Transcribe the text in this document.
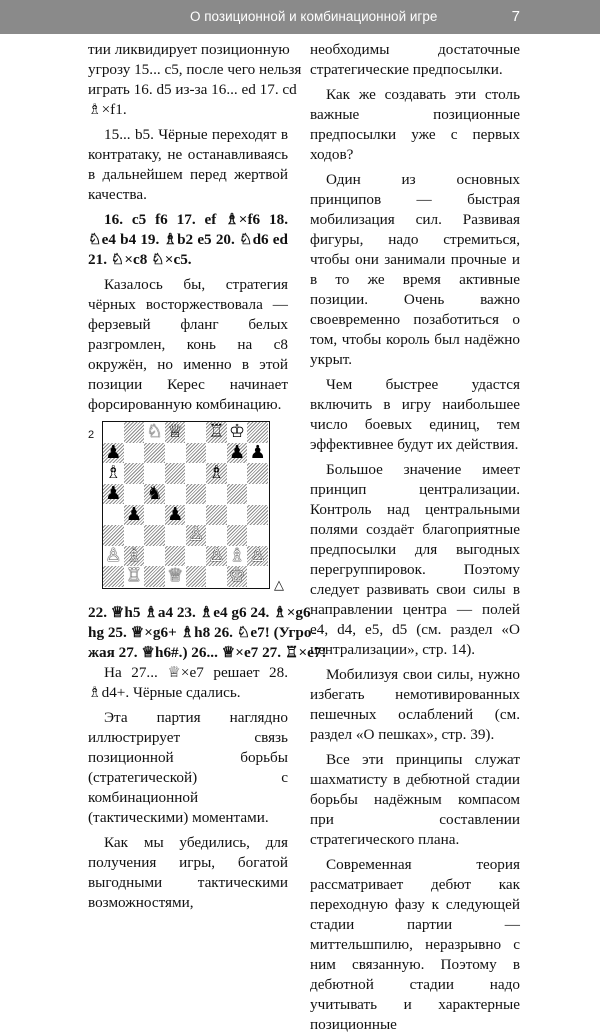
О позиционной и комбинационной игре	7

тии ликвидирует позиционную
угрозу 15... c5, после чего нельзя
играть 16. d5 из-за 16... ed 17. cd
♗×f1.

15... b5. Чёрные переходят в контратаку, не останавливаясь в дальнейшем перед жертвой качества.

16. c5 f6 17. ef ♗×f6 18. ♘e4 b4 19. ♗b2 e5 20. ♘d6 ed 21. ♘×c8 ♘×c5.

Казалось бы, стратегия чёрных восторжествовала — ферзевый фланг белых разгромлен, конь на c8 окружён, но именно в этой позиции Керес начинает форсированную комбинацию.

2	♘ ♕ ♖ ♔
♟	♟ ♟
♗	♗
♟ ♞
♟ ♟
♙
♙ ♗	♙ ♗ ♙
♖ ♕	♔ △

22. ♕h5 ♗a4 23. ♗e4 g6 24. ♗×g6
hg 25. ♕×g6+ ♗h8 26. ♘e7! (Угро-
жая 27. ♕h6#.) 26... ♕×e7 27. ♖×e7!

На 27... ♕×e7 решает 28. ♗d4+. Чёрные сдались.

Эта партия наглядно иллюстрирует связь позиционной борьбы (стратегической) с комбинационной (тактическими) моментами.

Как мы убедились, для получения игры, богатой выгодными тактическими возможностями,

необходимы достаточные стратегические предпосылки.

Как же создавать эти столь важные позиционные предпосылки уже с первых ходов?

Один из основных принципов — быстрая мобилизация сил. Развивая фигуры, надо стремиться, чтобы они занимали прочные и в то же время активные позиции. Очень важно своевременно позаботиться о том, чтобы король был надёжно укрыт.

Чем быстрее удастся включить в игру наибольшее число боевых единиц, тем эффективнее будут их действия.

Большое значение имеет принцип централизации. Контроль над центральными полями создаёт благоприятные предпосылки для выгодных перегруппировок. Поэтому следует развивать свои силы в направлении центра — полей e4, d4, e5, d5 (см. раздел «О централизации», стр. 14).

Мобилизуя свои силы, нужно избегать немотивированных пешечных ослаблений (см. раздел «О пешках», стр. 39).

Все эти принципы служат шахматисту в дебютной стадии борьбы надёжным компасом при составлении стратегического плана.

Современная теория рассматривает дебют как переходную фазу к следующей стадии партии — миттельшпилю, неразрывно с ним связанную. Поэтому в дебютной стадии надо учитывать и характерные позиционные
